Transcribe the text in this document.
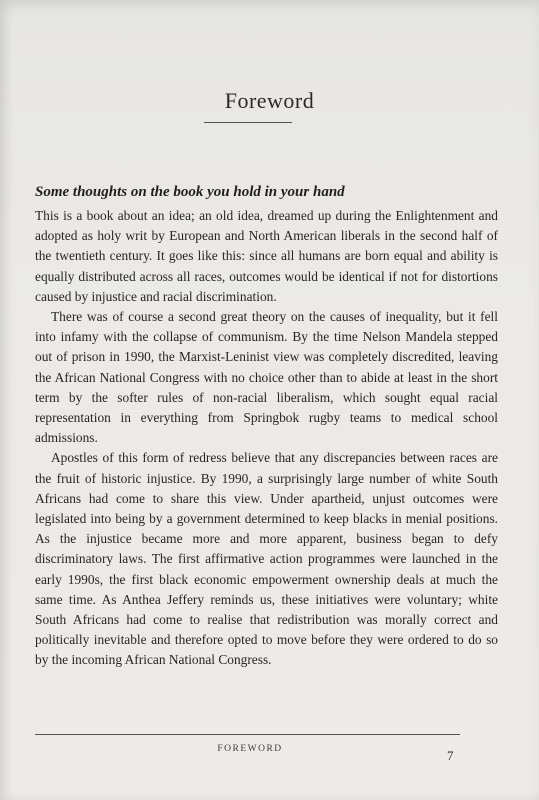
Foreword
Some thoughts on the book you hold in your hand

This is a book about an idea; an old idea, dreamed up during the Enlightenment and adopted as holy writ by European and North American liberals in the second half of the twentieth century. It goes like this: since all humans are born equal and ability is equally distributed across all races, outcomes would be identical if not for distortions caused by injustice and racial discrimination.

There was of course a second great theory on the causes of inequality, but it fell into infamy with the collapse of communism. By the time Nelson Mandela stepped out of prison in 1990, the Marxist-Leninist view was completely discredited, leaving the African National Congress with no choice other than to abide at least in the short term by the softer rules of non-racial liberalism, which sought equal racial representation in everything from Springbok rugby teams to medical school admissions.

Apostles of this form of redress believe that any discrepancies between races are the fruit of historic injustice. By 1990, a surprisingly large number of white South Africans had come to share this view. Under apartheid, unjust outcomes were legislated into being by a government determined to keep blacks in menial positions. As the injustice became more and more apparent, business began to defy discriminatory laws. The first affirmative action programmes were launched in the early 1990s, the first black economic empowerment ownership deals at much the same time. As Anthea Jeffery reminds us, these initiatives were voluntary; white South Africans had come to realise that redistribution was morally correct and politically inevitable and therefore opted to move before they were ordered to do so by the incoming African National Congress.

FOREWORD	7
